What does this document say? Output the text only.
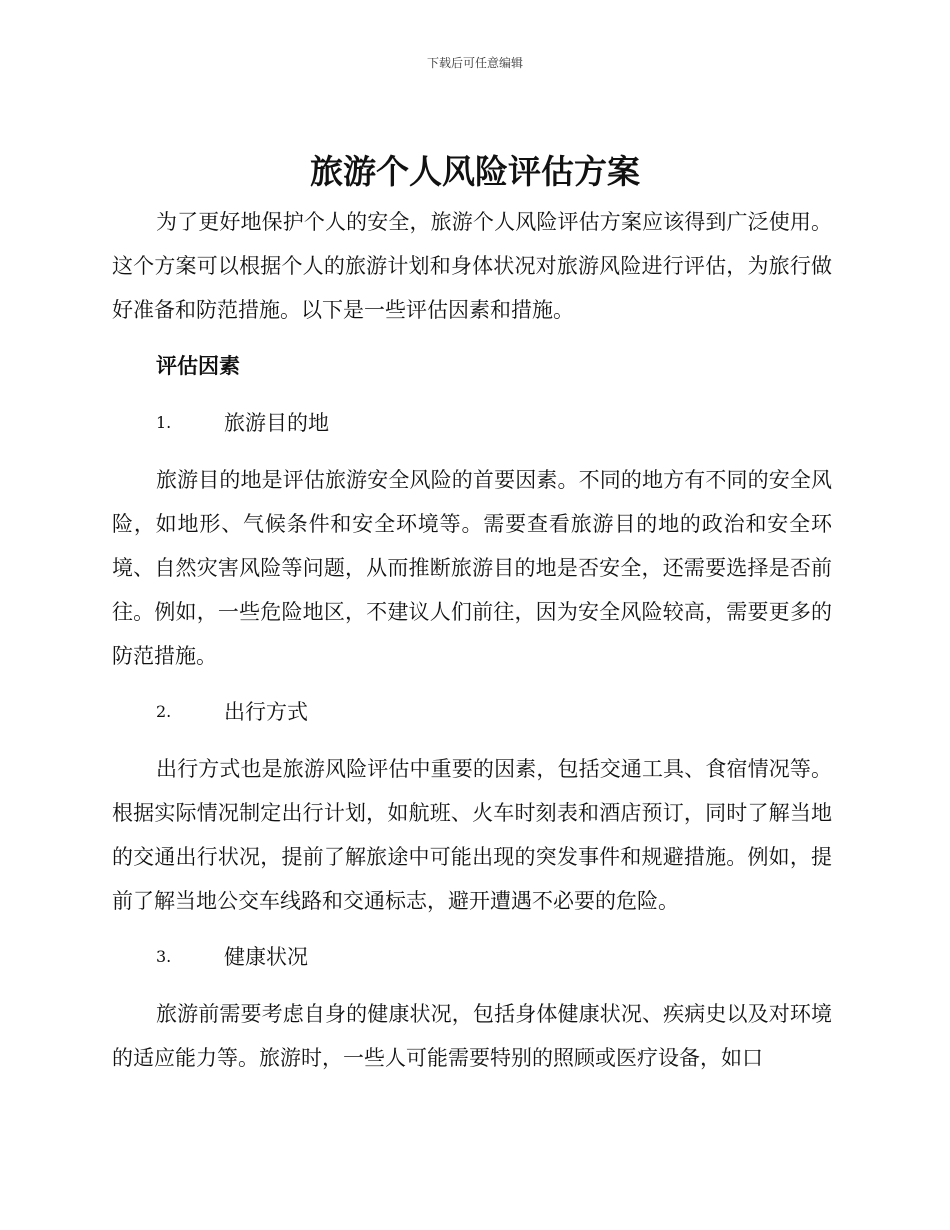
下载后可任意编辑
旅游个人风险评估方案

为了更好地保护个人的安全，旅游个人风险评估方案应该得到广泛使用。这个方案可以根据个人的旅游计划和身体状况对旅游风险进行评估，为旅行做好准备和防范措施。以下是一些评估因素和措施。

评估因素
1.	旅游目的地

旅游目的地是评估旅游安全风险的首要因素。不同的地方有不同的安全风险，如地形、气候条件和安全环境等。需要查看旅游目的地的政治和安全环境、自然灾害风险等问题，从而推断旅游目的地是否安全，还需要选择是否前往。例如，一些危险地区，不建议人们前往，因为安全风险较高，需要更多的防范措施。

2.	出行方式

出行方式也是旅游风险评估中重要的因素，包括交通工具、食宿情况等。根据实际情况制定出行计划，如航班、火车时刻表和酒店预订，同时了解当地的交通出行状况，提前了解旅途中可能出现的突发事件和规避措施。例如，提前了解当地公交车线路和交通标志，避开遭遇不必要的危险。

3.	健康状况

旅游前需要考虑自身的健康状况，包括身体健康状况、疾病史以及对环境的适应能力等。旅游时，一些人可能需要特别的照顾或医疗设备，如口
